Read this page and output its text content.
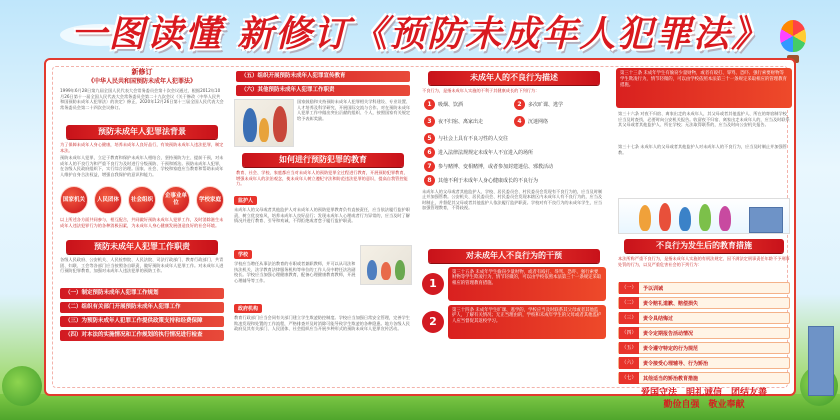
一图读懂 新修订《预防未成年人犯罪法》
新修订
《中华人民共和国预防未成年人犯罪法》
1999年6月28日第九届全国人民代表大会常务委员会第十次会议通过，根据2012年10月26日第十一届全国人民代表大会常务委员会第二十九次会议《关于修改〈中华人民共和国预防未成年人犯罪法〉的决定》修正，2020年12月26日第十三届全国人民代表大会常务委员会第二十四次会议修订。
预防未成年人犯罪法背景
为了保障未成年人身心健康，培养未成年人良好品行，有效预防未成年人违法犯罪，制定本法。
预防未成年人犯罪，立足于教育和保护未成年人相结合，坚持预防为主、提前干预，对未成年人的不良行为和严重不良行为及时进行分级预防、干预和矫治。预防未成年人犯罪，在各级人民政府组织下，实行综合治理。国家、社会、学校和家庭应当教育和帮助未成年人维护自身合法权益，增强自我保护的意识和能力。
国家机关	人民团体	社会组织
企事业单位
学校家庭
以上所述各方面共同参与，相互配合，共同做好预防未成年人犯罪工作，及时消除滋生未成年人违法犯罪行为的各种消极因素，为未成年人身心健康发展创造良好的社会环境。
预防未成年人犯罪工作职责
各级人民政府、公安机关、人民检察院、人民法院、司法行政部门、教育行政部门、共青团、妇联、工会等各部门应当按照各自职责，做好预防未成年人犯罪工作。对未成年人进行预防犯罪教育，加强对未成年人违法犯罪的预防工作。
（一）制定预防未成年人犯罪工作规划
（二）组织有关部门开展预防未成年人犯罪工作
（三）为预防未成年人犯罪工作提供政策支持和经费保障
（四）对本法的实施情况和工作规划的执行情况进行检查
（五）组织开展预防未成年人犯罪宣传教育
（六）其他预防未成年人犯罪工作职责
国家鼓励和支持预防未成年人犯罪相关学科建设、专业设置、人才培养及科学研究，开展国际交流与合作。对在预防未成年人犯罪工作中做出突出贡献的组织、个人，按照国家有关规定给予表彰奖励。
如何进行预防犯罪的教育
教育、社会、学校、家庭都应当对未成年人的预防犯罪全过程进行教育，开展预防犯罪教育，增强未成年人的法治观念，使未成年人树立遵纪守法和防范违法犯罪的意识，提高自我管控能力。
监护人
未成年人的父母或者其他监护人对未成年人的预防犯罪教育负有直接责任，应当依法履行监护职责，树立优良家风，培养未成年人良好品行；发现未成年人心理或者行为异常的，应当及时了解情况并进行教育、引导和劝诫，不得拒绝或者怠于履行监护职责。
学校
学校应当聘任从事法治教育的专职或者兼职教师，并可以从司法和执法机关、法学教育法律服务机构等单位的工作人员中聘任法治副校长。学校应当加强心理健康教育，配备心理健康教育教师，开展心理辅导等工作。
政府机构
教育行政部门应当会同有关部门建立学生欺凌防控制度。学校应当加强日常安全管理，完善学生欺凌发现和处置的工作流程，严格排查并及时消除可能导致学生欺凌的各种隐患。地方各级人民政府及其有关部门、人民团体、社会组织应当开展多种形式的预防未成年人犯罪宣传活动。
未成年人的不良行为描述
不良行为，是指未成年人实施的不利于其健康成长的下列行为：
1	吸烟、饮酒	2	多次旷课、逃学
3	夜不归宿、离家出走	4	沉迷网络
5	与社会上具有不良习性的人交往
6	进入法律法规规定未成年人不宜进入的场所
7	参与赌博、变相赌博，或者参加封建迷信、邪教活动
8	其他不利于未成年人身心健康成长的不良行为
未成年人的父母或者其他监护人、学校、居民委员会、村民委员会发现有不良行为的，应当及时制止并加强管教。公安机关、居民委员会、村民委员会发现本辖区内未成年人有不良行为的，应当及时制止，并督促其父母或者其他监护人依法履行监护职责。学校对有不良行为的未成年学生，应当加强管理教育，不得歧视。
对未成年人不良行为的干预
1
第三十五条 未成年学生偷窃少量财物，或者有殴打、辱骂、恐吓、强行索要财物等学生欺凌行为，情节轻微的，可以由学校依照本法第三十一条规定采取相应的管理教育措施。
2
第三十四条 未成年学生旷课、逃学的，学校应当及时联系其父母或者其他监护人，了解有关情况；无正当理由的，学校和未成年学生的父母或者其他监护人应当督促其返校学习。
第三十三条 未成年学生有偷窃少量财物，或者有殴打、辱骂、恐吓、强行索要财物等学生欺凌行为，情节轻微的，可以由学校依照本法第三十一条规定采取相应的管理教育措施。
第三十六条 对夜不归宿、离家出走的未成年人，其父母或者其他监护人、所在的寄宿制学校应当及时查找，必要时向公安机关报告。收留夜不归宿、离家出走未成年人的，应当及时联系其父母或者其他监护人、所在学校；无法取得联系的，应当及时向公安机关报告。
第三十七条 未成年人的父母或者其他监护人对未成年人的不良行为，应当及时制止并加强管教。
不良行为发生后的教育措施
本法所称严重不良行为，是指未成年人实施的有刑法规定、因不满法定刑事责任年龄不予刑事处罚的行为，以及严重危害社会的下列行为：
（一）	予以训诫
（二）	责令赔礼道歉、赔偿损失
（三）	责令具结悔过
（四）	责令定期报告活动情况
（五）	责令遵守特定的行为规范
（六）	责令接受心理辅导、行为矫治
（七）	其他适当的矫治教育措施
爱国守法　明礼诚信　团结友善
勤俭自强　敬业奉献
